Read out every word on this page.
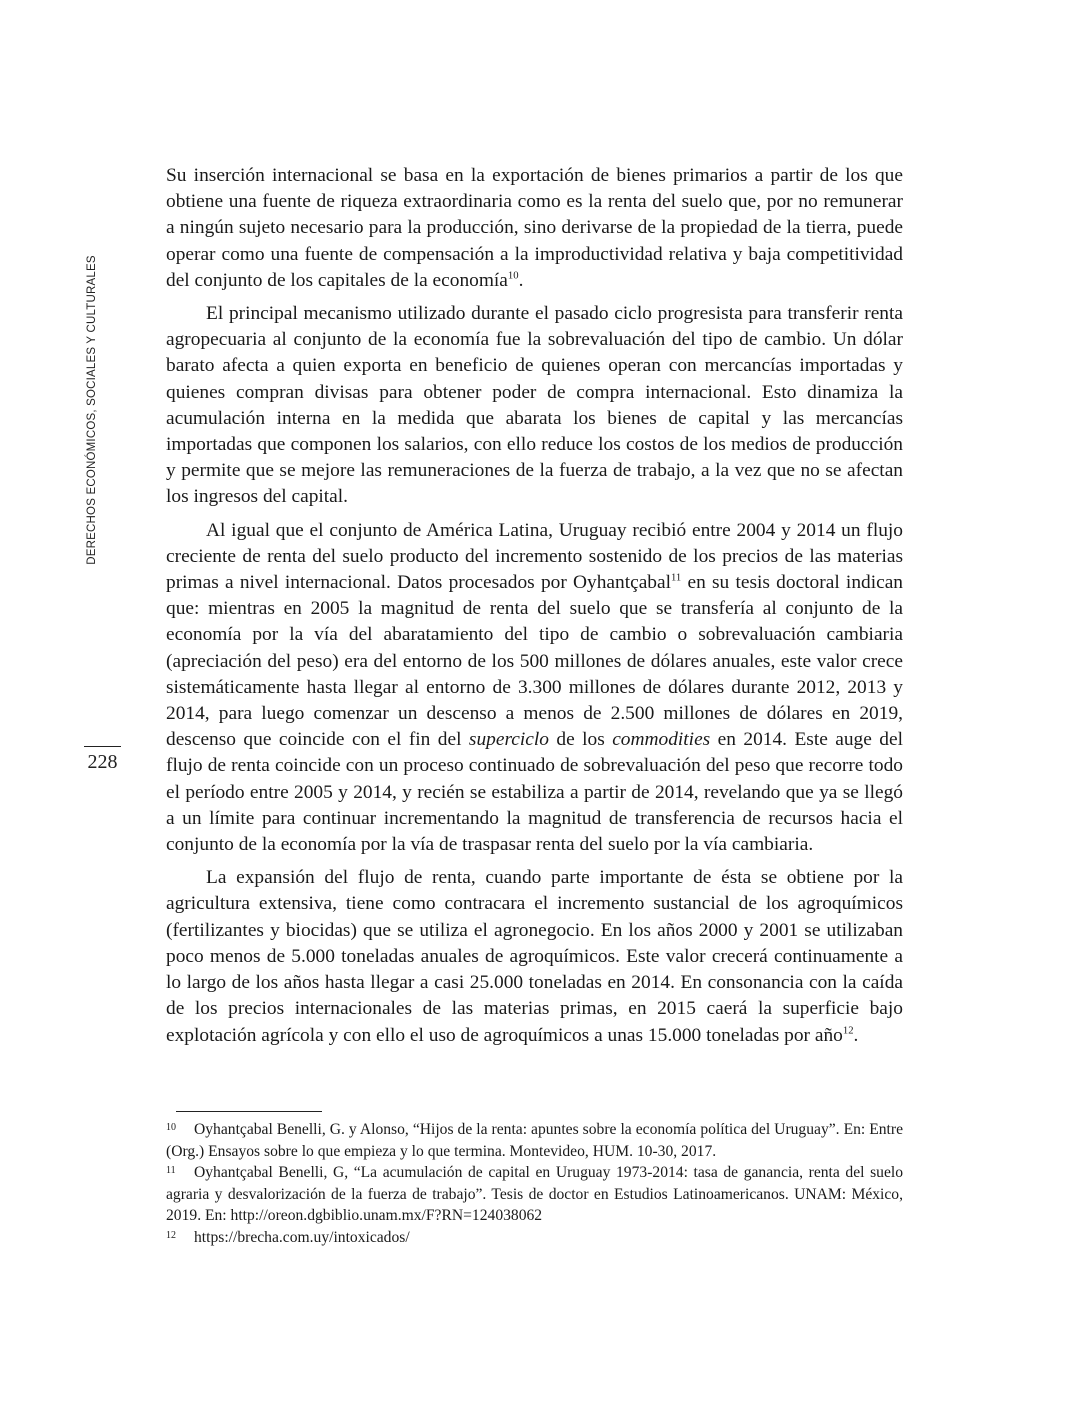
DERECHOS ECONÓMICOS, SOCIALES Y CULTURALES
228

Su inserción internacional se basa en la exportación de bienes primarios a partir de los que obtiene una fuente de riqueza extraordinaria como es la renta del suelo que, por no remunerar a ningún sujeto necesario para la producción, sino derivarse de la propiedad de la tierra, puede operar como una fuente de compensación a la improductividad relativa y baja competitividad del conjunto de los capitales de la economía$^{10}$.

El principal mecanismo utilizado durante el pasado ciclo progresista para transferir renta agropecuaria al conjunto de la economía fue la sobrevaluación del tipo de cambio. Un dólar barato afecta a quien exporta en beneficio de quienes operan con mercancías importadas y quienes compran divisas para obtener poder de compra internacional. Esto dinamiza la acumulación interna en la medida que abarata los bienes de capital y las mercancías importadas que componen los salarios, con ello reduce los costos de los medios de producción y permite que se mejore las remuneraciones de la fuerza de trabajo, a la vez que no se afectan los ingresos del capital.

Al igual que el conjunto de América Latina, Uruguay recibió entre 2004 y 2014 un flujo creciente de renta del suelo producto del incremento sostenido de los precios de las materias primas a nivel internacional. Datos procesados por Oyhantçabal$^{11}$ en su tesis doctoral indican que: mientras en 2005 la magnitud de renta del suelo que se transfería al conjunto de la economía por la vía del abaratamiento del tipo de cambio o sobrevaluación cambiaria (apreciación del peso) era del entorno de los 500 millones de dólares anuales, este valor crece sistemáticamente hasta llegar al entorno de 3.300 millones de dólares durante 2012, 2013 y 2014, para luego comenzar un descenso a menos de 2.500 millones de dólares en 2019, descenso que coincide con el fin del superciclo de los commodities en 2014. Este auge del flujo de renta coincide con un proceso continuado de sobrevaluación del peso que recorre todo el período entre 2005 y 2014, y recién se estabiliza a partir de 2014, revelando que ya se llegó a un límite para continuar incrementando la magnitud de transferencia de recursos hacia el conjunto de la economía por la vía de traspasar renta del suelo por la vía cambiaria.

La expansión del flujo de renta, cuando parte importante de ésta se obtiene por la agricultura extensiva, tiene como contracara el incremento sustancial de los agroquímicos (fertilizantes y biocidas) que se utiliza el agronegocio. En los años 2000 y 2001 se utilizaban poco menos de 5.000 toneladas anuales de agroquímicos. Este valor crecerá continuamente a lo largo de los años hasta llegar a casi 25.000 toneladas en 2014. En consonancia con la caída de los precios internacionales de las materias primas, en 2015 caerá la superficie bajo explotación agrícola y con ello el uso de agroquímicos a unas 15.000 toneladas por año$^{12}$.

10 Oyhantçabal Benelli, G. y Alonso, “Hijos de la renta: apuntes sobre la economía política del Uruguay”. En: Entre (Org.) Ensayos sobre lo que empieza y lo que termina. Montevideo, HUM. 10-30, 2017.

11 Oyhantçabal Benelli, G, “La acumulación de capital en Uruguay 1973-2014: tasa de ganancia, renta del suelo agraria y desvalorización de la fuerza de trabajo”. Tesis de doctor en Estudios Latinoamericanos. UNAM: México, 2019. En: http://oreon.dgbiblio.unam.mx/F?RN=124038062

12 https://brecha.com.uy/intoxicados/
